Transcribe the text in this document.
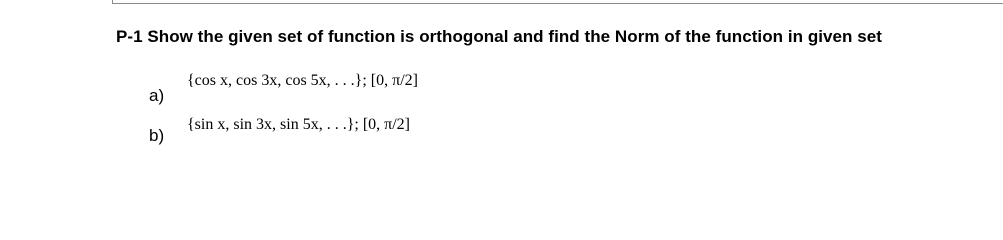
P-1 Show the given set of function is orthogonal and find the Norm of the function in given set
a)
{cos x, cos 3x, cos 5x, . . .}; [0, π/2]
b)
{sin x, sin 3x, sin 5x, . . .}; [0, π/2]
